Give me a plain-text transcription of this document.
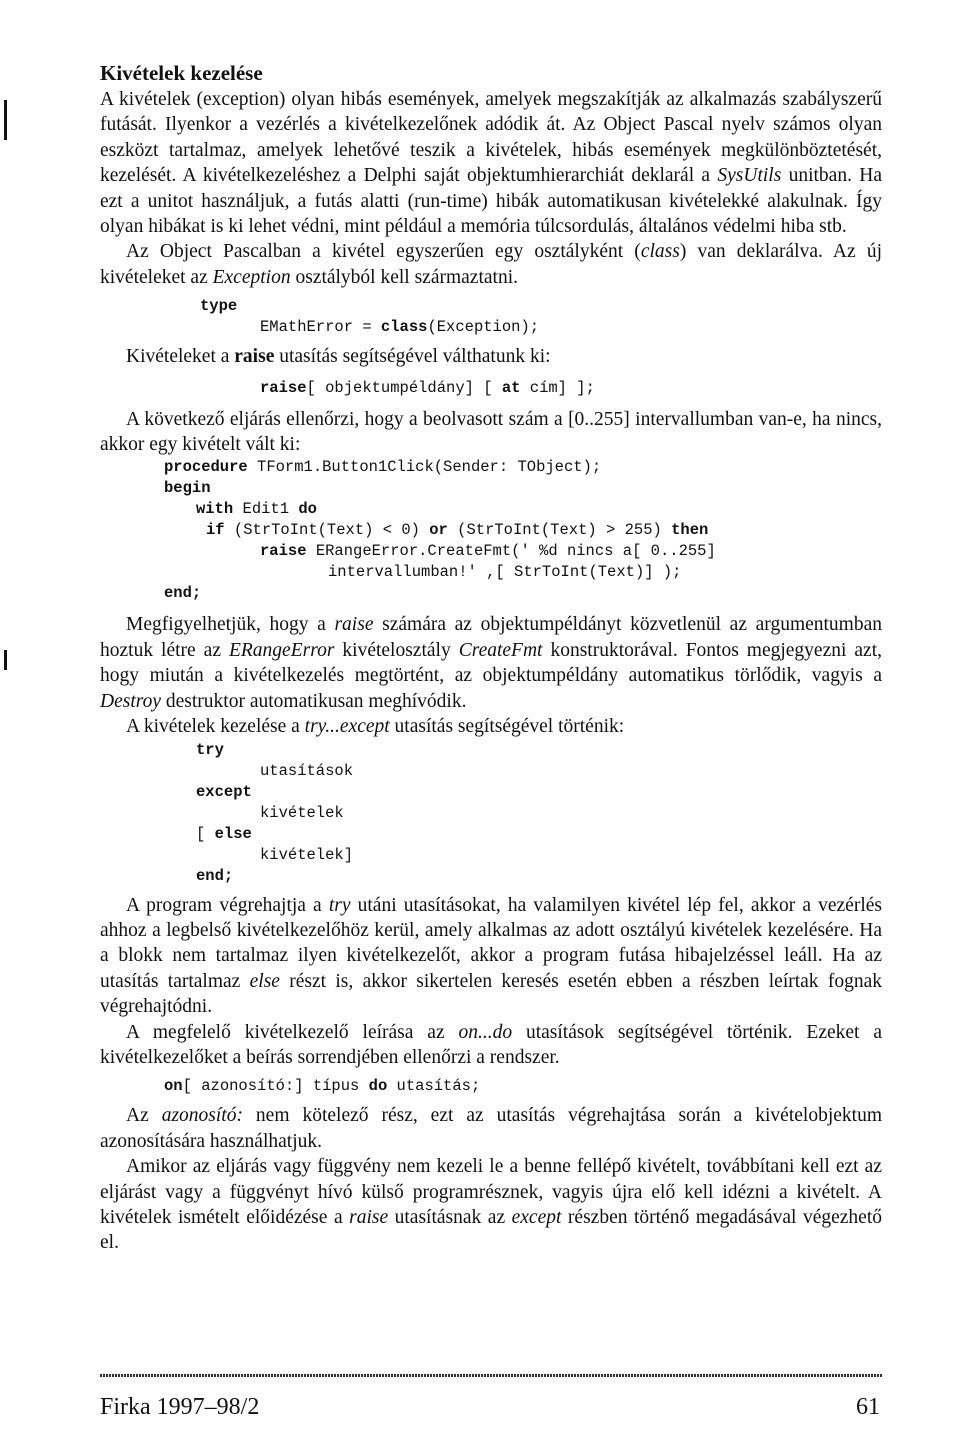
Kivételek kezelése

A kivételek (exception) olyan hibás események, amelyek megszakítják az alkalmazás szabályszerű futását. Ilyenkor a vezérlés a kivételkezelőnek adódik át. Az Object Pascal nyelv számos olyan eszközt tartalmaz, amelyek lehetővé teszik a kivételek, hibás események megkülönböztetését, kezelését. A kivételkezeléshez a Delphi saját objektumhierarchiát deklarál a SysUtils unitban. Ha ezt a unitot használjuk, a futás alatti (run-time) hibák automatikusan kivételekké alakulnak. Így olyan hibákat is ki lehet védni, mint például a memória túlcsordulás, általános védelmi hiba stb.

Az Object Pascalban a kivétel egyszerűen egy osztályként (class) van deklarálva. Az új kivételeket az Exception osztályból kell származtatni.

type

EMathError = class(Exception);

Kivételeket a raise utasítás segítségével válthatunk ki:

raise[ objektumpéldány] [ at cím] ];

A következő eljárás ellenőrzi, hogy a beolvasott szám a [0..255] intervallumban van-e, ha nincs, akkor egy kivételt vált ki:

procedure TForm1.Button1Click(Sender: TObject);

begin

with Edit1 do

if (StrToInt(Text) < 0) or (StrToInt(Text) > 255) then

raise ERangeError.CreateFmt(' %d nincs a[ 0..255]

intervallumban!' ,[ StrToInt(Text)] );

end;

Megfigyelhetjük, hogy a raise számára az objektumpéldányt közvetlenül az argumentumban hoztuk létre az ERangeError kivételosztály CreateFmt konstruktorával. Fontos megjegyezni azt, hogy miután a kivételkezelés megtörtént, az objektumpéldány automatikus törlődik, vagyis a Destroy destruktor automatikusan meghívódik.

A kivételek kezelése a try...except utasítás segítségével történik:

try

utasítások

except

kivételek

[ else

kivételek]

end;

A program végrehajtja a try utáni utasításokat, ha valamilyen kivétel lép fel, akkor a vezérlés ahhoz a legbelső kivételkezelőhöz kerül, amely alkalmas az adott osztályú kivételek kezelésére. Ha a blokk nem tartalmaz ilyen kivételkezelőt, akkor a program futása hibajelzéssel leáll. Ha az utasítás tartalmaz else részt is, akkor sikertelen keresés esetén ebben a részben leírtak fognak végrehajtódni.

A megfelelő kivételkezelő leírása az on...do utasítások segítségével történik. Ezeket a kivételkezelőket a beírás sorrendjében ellenőrzi a rendszer.

on[ azonosító:] típus do utasítás;

Az azonosító: nem kötelező rész, ezt az utasítás végrehajtása során a kivételobjektum azonosítására használhatjuk.

Amikor az eljárás vagy függvény nem kezeli le a benne fellépő kivételt, továbbítani kell ezt az eljárást vagy a függvényt hívó külső programrésznek, vagyis újra elő kell idézni a kivételt. A kivételek ismételt előidézése a raise utasításnak az except részben történő megadásával végezhető el.

Firka 1997–98/2	61
